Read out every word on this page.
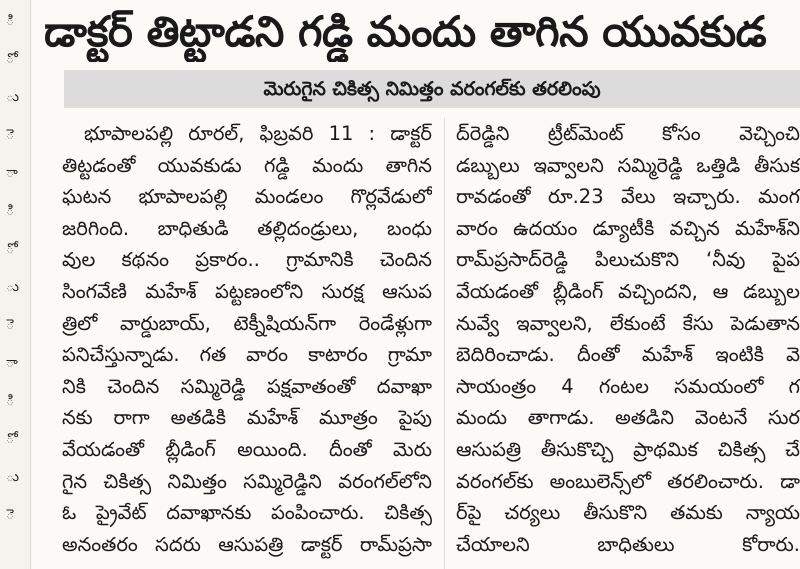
ి
ో
ు
ె
ా
ి
ో
ు
ె
ా
ి
ో
ు
ె
డాక్టర్ తిట్టాడని గడ్డి మందు తాగిన యువకుడ
మెరుగైన చికిత్స నిమిత్తం వరంగల్‌కు తరలింపు
భూపాలపల్లి రూరల్, ఫిబ్రవరి 11 : డాక్టర్
తిట్టడంతో యువకుడు గడ్డి మందు తాగిన
ఘటన భూపాలపల్లి మండలం గొర్లవేడులో
జరిగింది. బాధితుడి తల్లిదండ్రులు, బంధు
వుల కథనం ప్రకారం.. గ్రామానికి చెందిన
సింగవేణి మహేశ్ పట్టణంలోని సురక్ష ఆసుప
త్రిలో వార్డుబాయ్, టెక్నీషియన్‌గా రెండేళ్లుగా
పనిచేస్తున్నాడు. గత వారం కాటారం గ్రామా
నికి చెందిన సమ్మిరెడ్డి పక్షవాతంతో దవాఖా
నకు రాగా అతడికి మహేశ్ మూత్రం పైపు
వేయడంతో బ్లీడింగ్ అయింది. దీంతో మెరు
గైన చికిత్స నిమిత్తం సమ్మిరెడ్డిని వరంగల్‌లోని
ఓ ప్రైవేట్ దవాఖానకు పంపించారు. చికిత్స
అనంతరం సదరు ఆసుపత్రి డాక్టర్ రామ్‌ప్రసా
ద్‌రెడ్డిని ట్రీట్‌మెంట్ కోసం వెచ్చించి
డబ్బులు ఇవ్వాలని సమ్మిరెడ్డి ఒత్తిడి తీసుక
రావడంతో రూ.23 వేలు ఇచ్చారు. మంగ
వారం ఉదయం డ్యూటీకి వచ్చిన మహేశ్‌ని
రామ్‌ప్రసాద్‌రెడ్డి పిలుచుకొని ‘నీవు పైప
వేయడంతో బ్లీడింగ్ వచ్చిందని, ఆ డబ్బుల
నువ్వే ఇవ్వాలని, లేకుంటే కేసు పెడుతాన
బెదిరించాడు. దీంతో మహేశ్ ఇంటికి వె
సాయంత్రం 4 గంటల సమయంలో గ
మందు తాగాడు. అతడిని వెంటనే సుర
ఆసుపత్రి తీసుకొచ్చి ప్రాథమిక చికిత్స చే
వరంగల్‌కు అంబులెన్స్‌లో తరలించారు. డా
ర్‌పై చర్యలు తీసుకొని తమకు న్యాయ
చేయాలని బాధితులు కోరారు.
